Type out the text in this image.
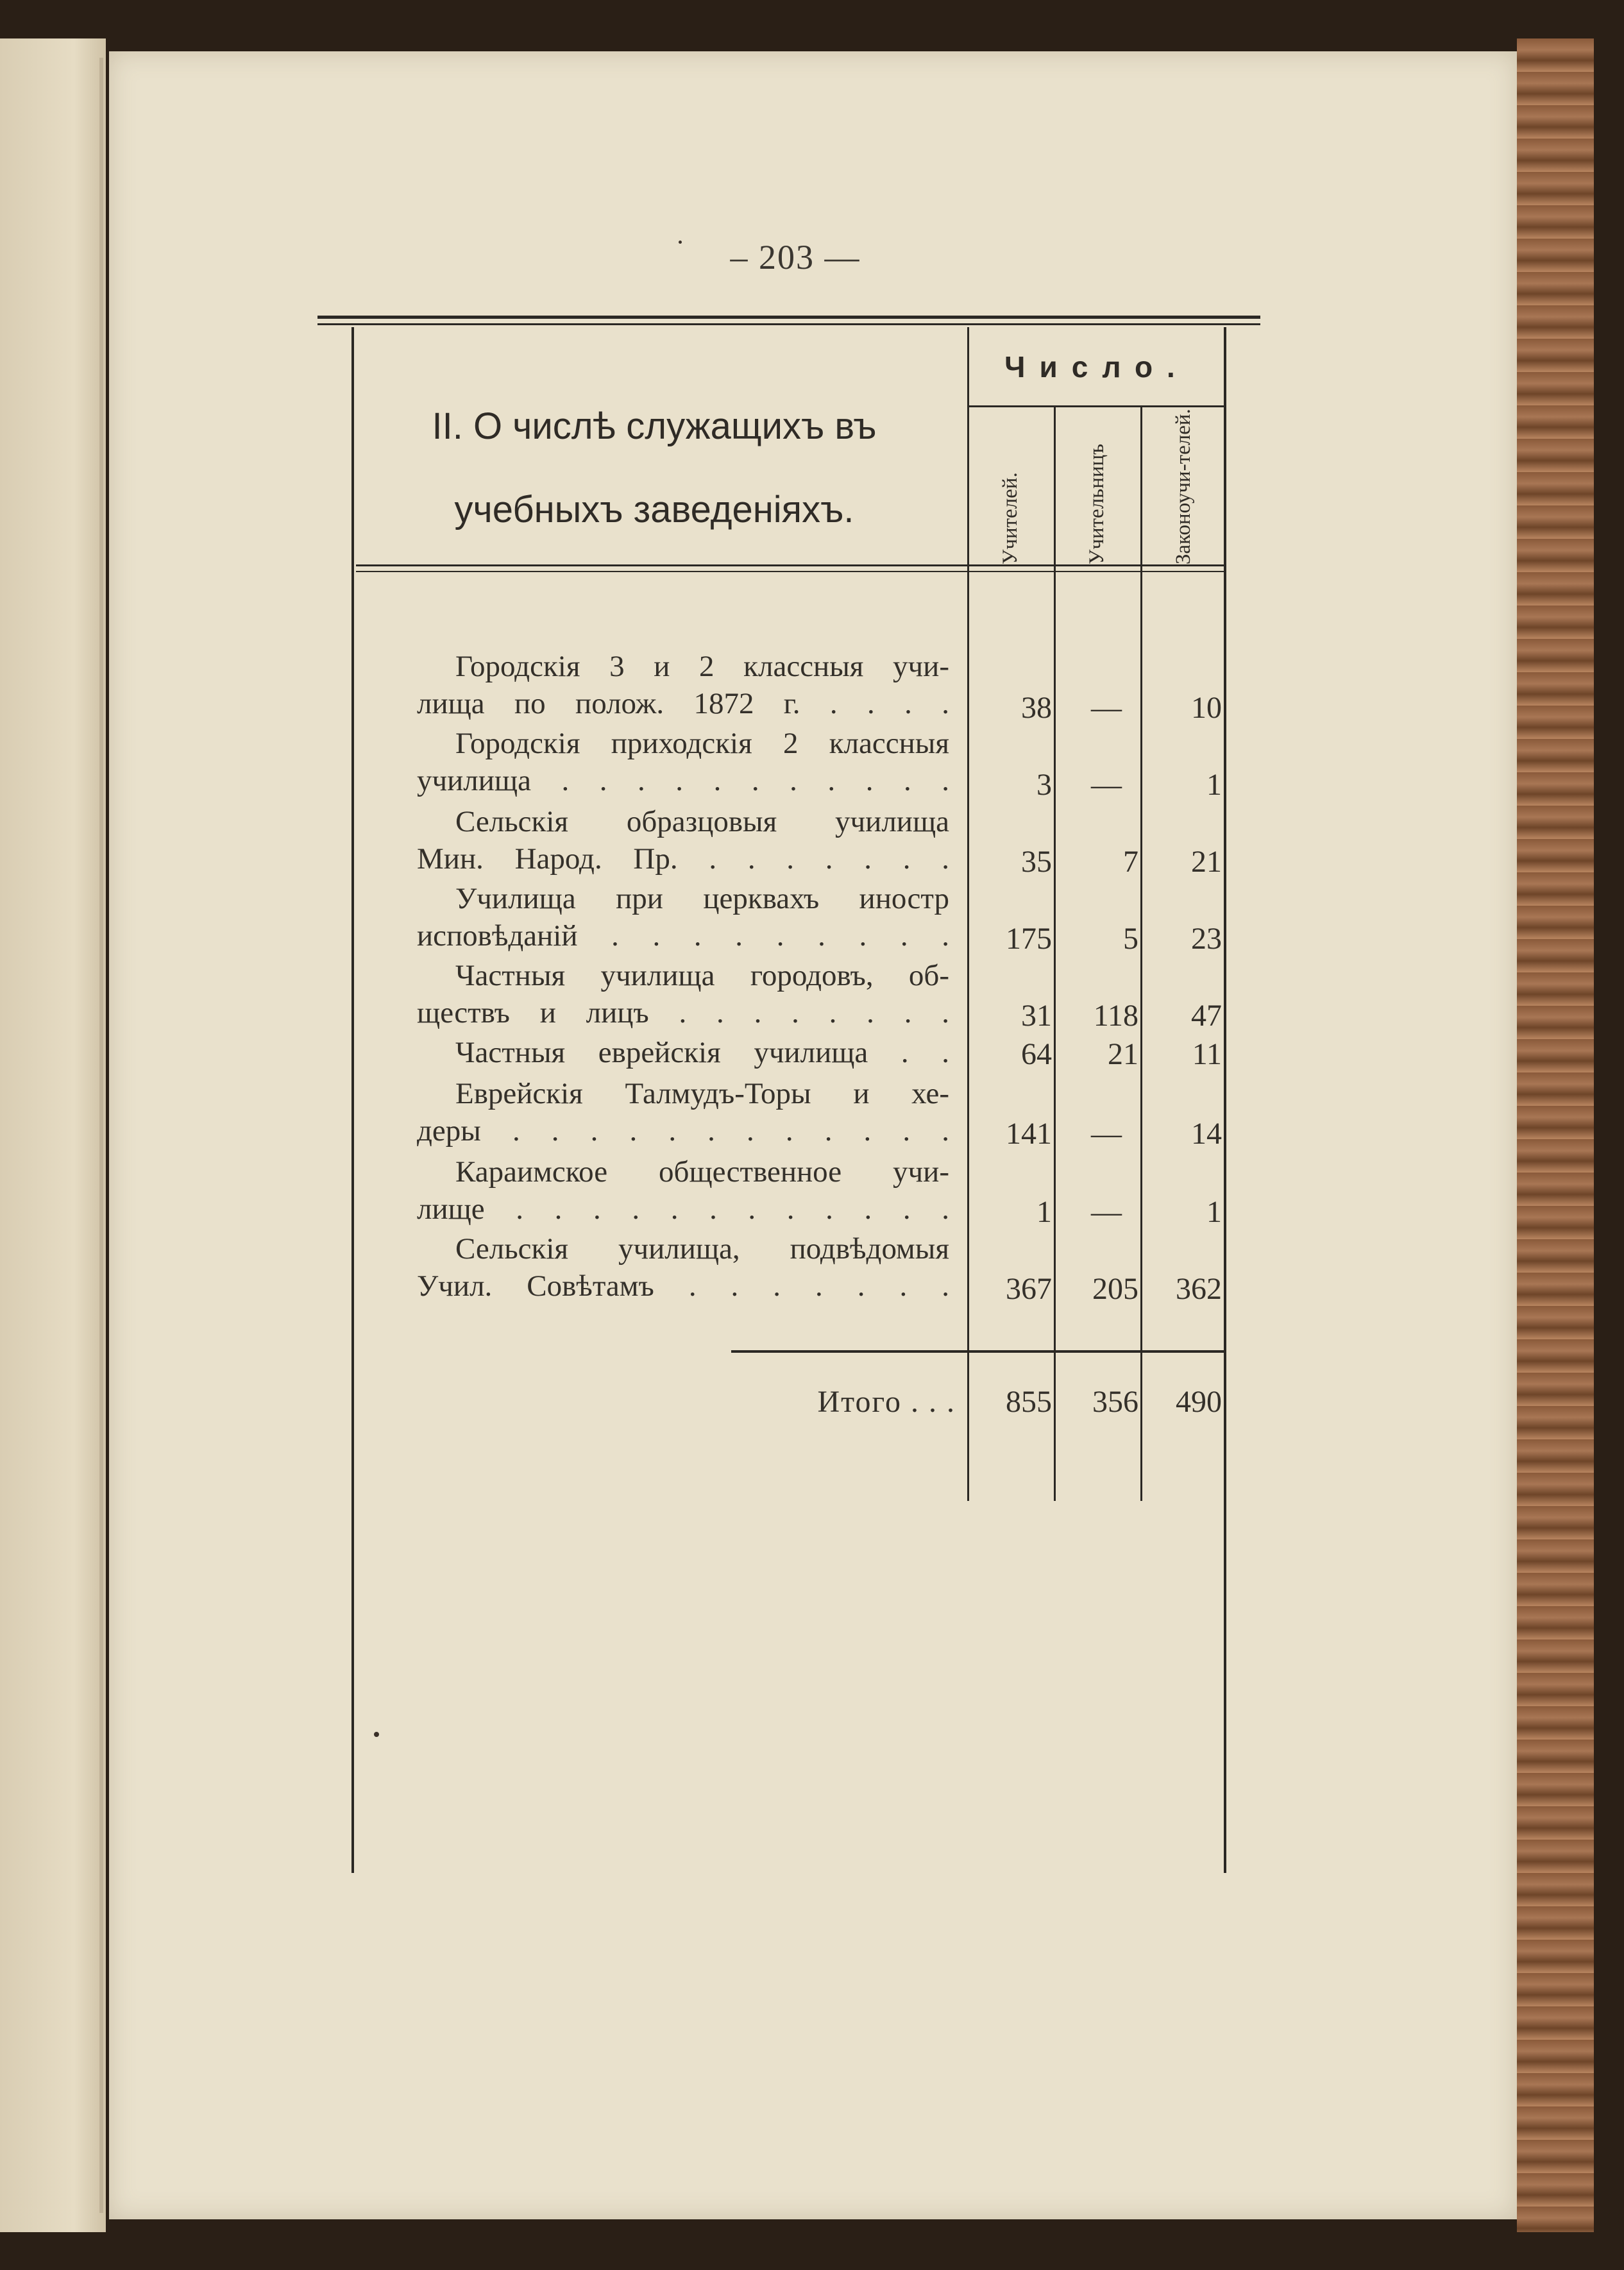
– 203 —
II. О числѣ служащихъ въ
учебныхъ заведеніяхъ.
Число.
Учителей.	Учительницъ	Законоучи-телей.
Городскія 3 и 2 классныя учи-
лища по полож. 1872 г. . . . .	38	—	10
Городскія приходскія 2 классныя
училища . . . . . . . . . . .	3	—	1
Сельскія образцовыя училища
Мин. Народ. Пр. . . . . . . .	35	7	21
Училища при церквахъ иностр
исповѣданій . . . . . . . . .	175	5	23
Частныя училища городовъ, об-
ществъ и лицъ . . . . . . . .	31	118	47
Частныя еврейскія училища . .	64	21	11
Еврейскія Талмудъ-Торы и хе-
деры . . . . . . . . . . . .	141	—	14
Караимское общественное учи-
лище . . . . . . . . . . . .	1	—	1
Сельскія училища, подвѣдомыя
Учил. Совѣтамъ . . . . . . .	367	205	362
Итого . . .	855	356	490
